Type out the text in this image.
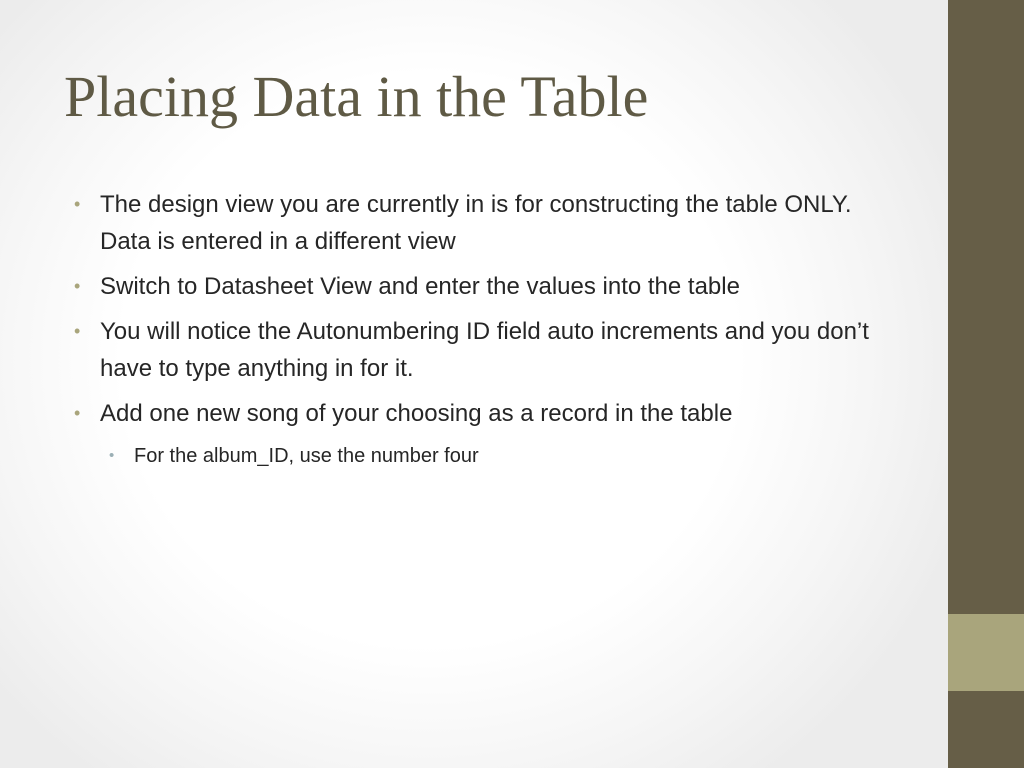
Placing Data in the Table
• The design view you are currently in is for constructing the table ONLY. Data is entered in a different view
• Switch to Datasheet View and enter the values into the table
• You will notice the Autonumbering ID field auto increments and you don’t have to type anything in for it.
• Add one new song of your choosing as a record in the table
• For the album_ID, use the number four
